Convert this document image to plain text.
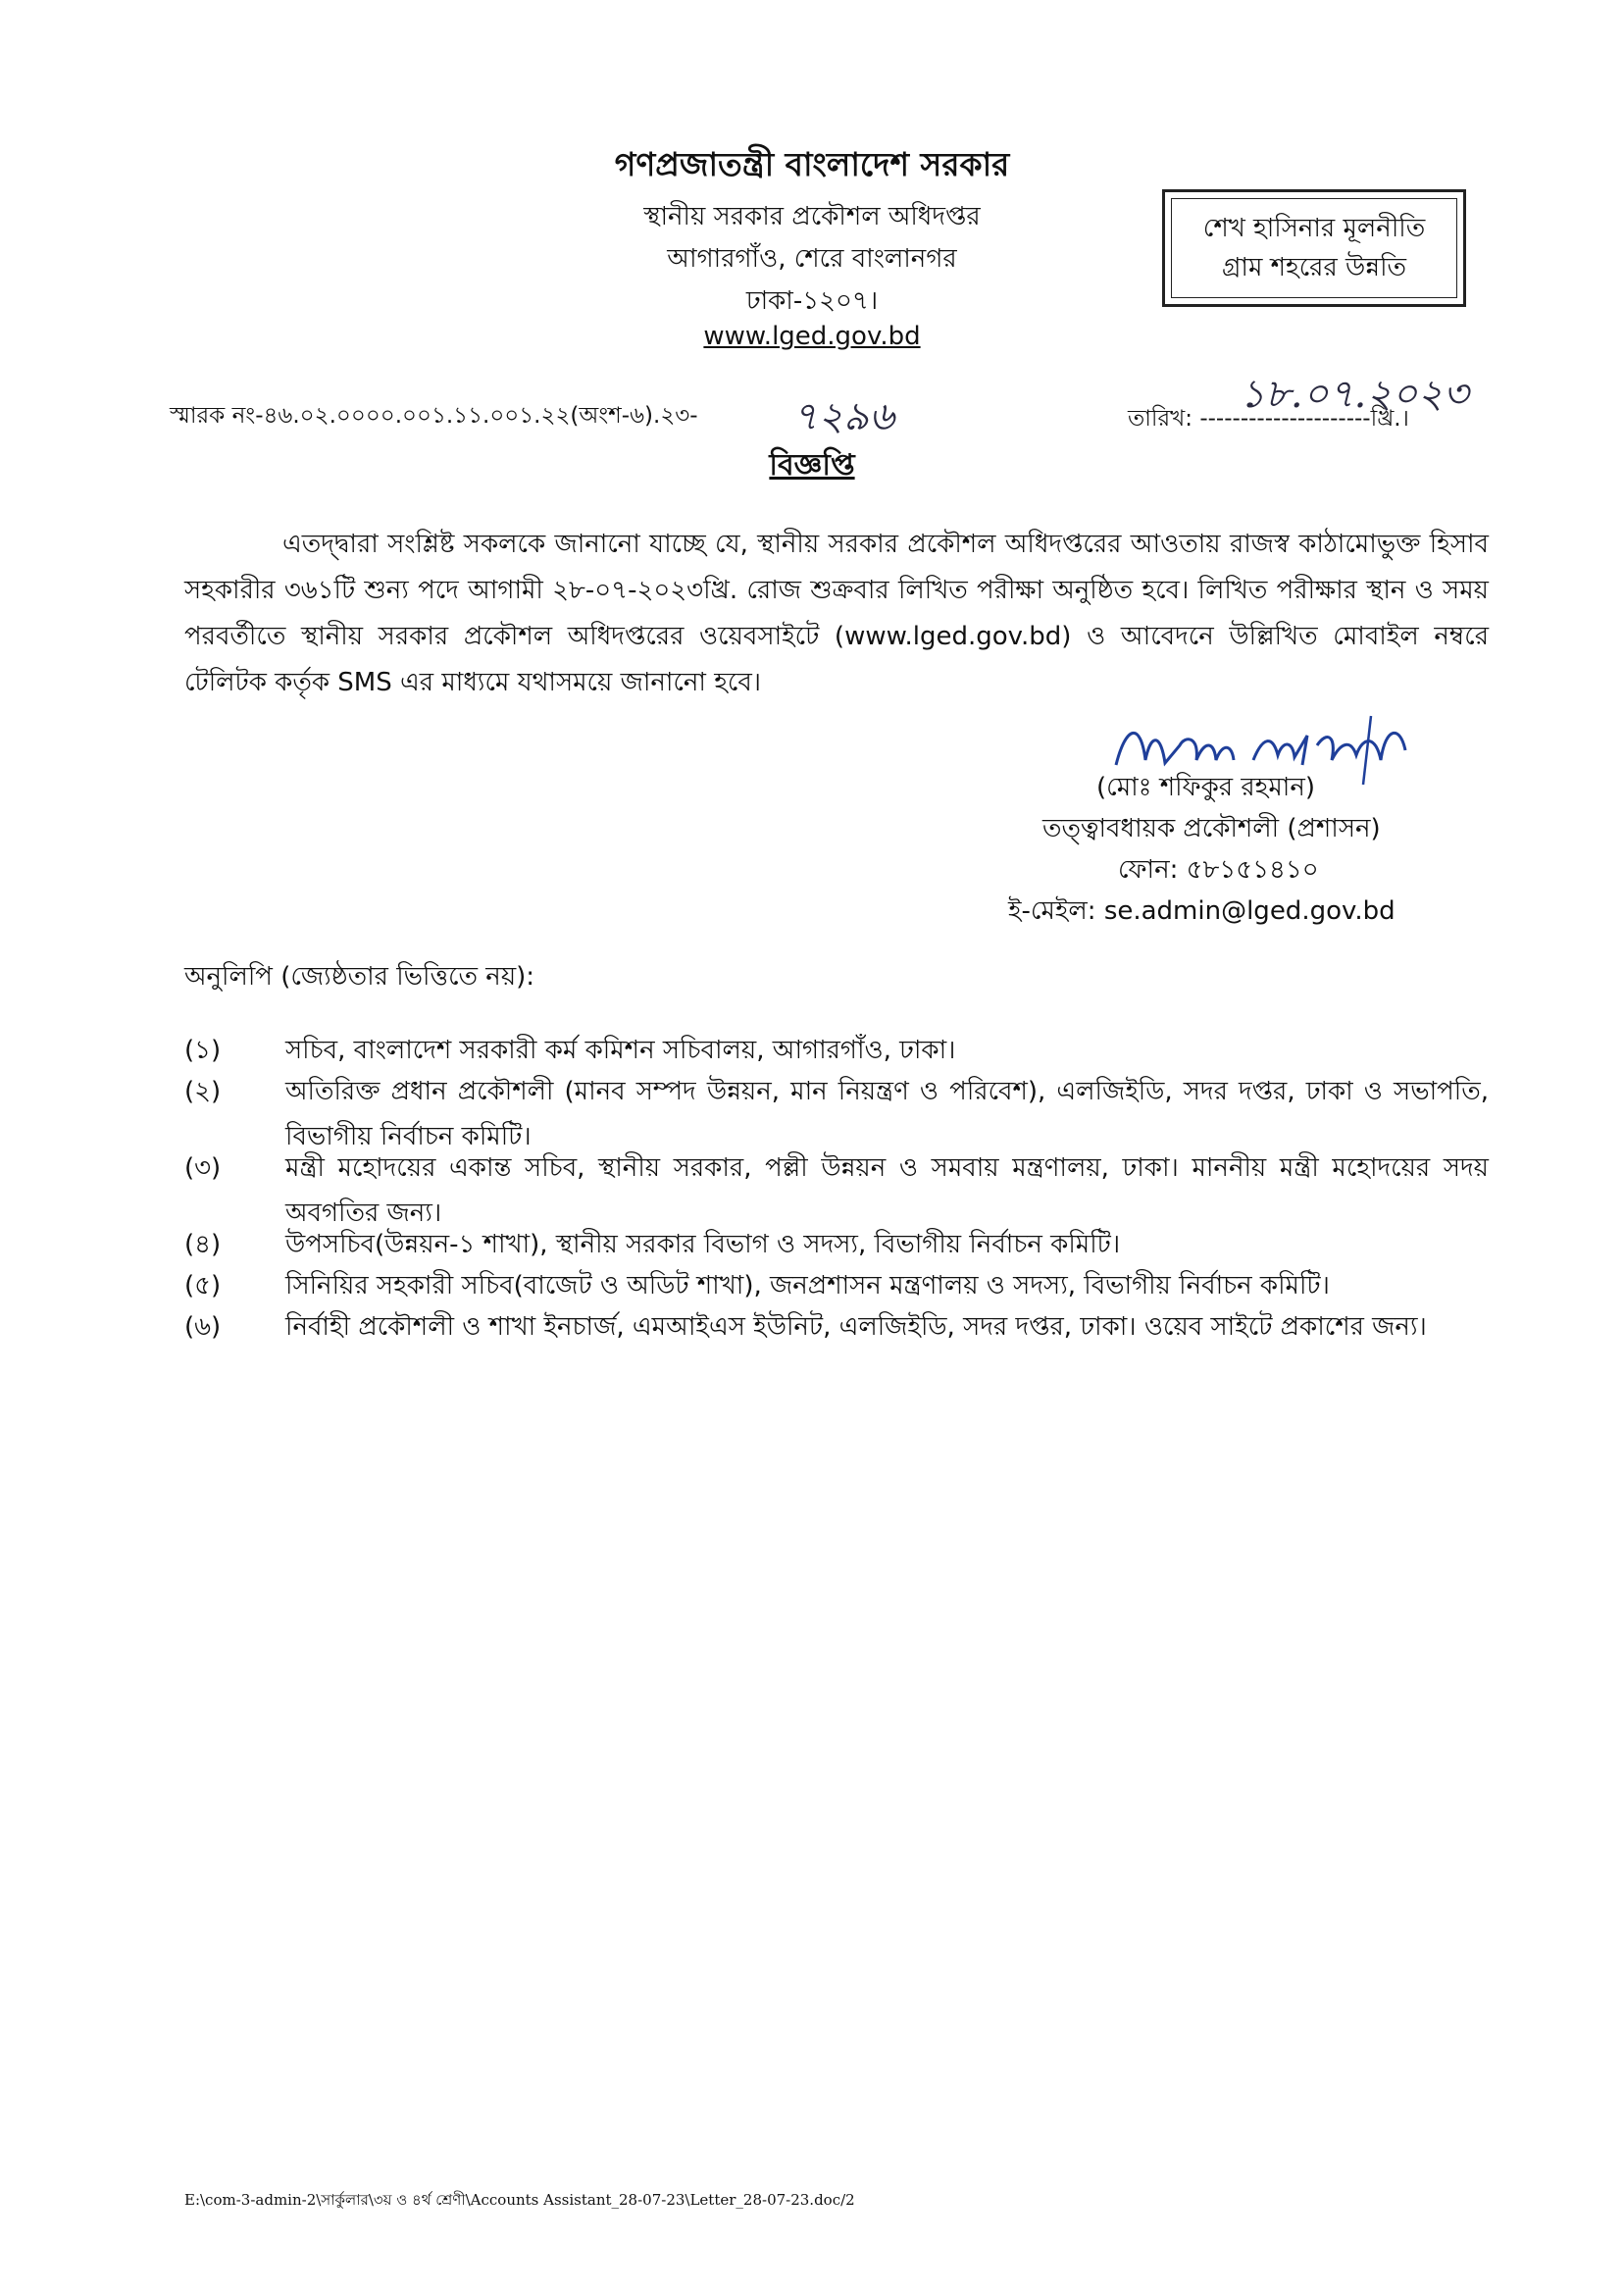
গণপ্রজাতন্ত্রী বাংলাদেশ সরকার
স্থানীয় সরকার প্রকৌশল অধিদপ্তর
আগারগাঁও, শেরে বাংলানগর
ঢাকা-১২০৭।
www.lged.gov.bd
শেখ হাসিনার মূলনীতি
গ্রাম শহরের উন্নতি
স্মারক নং-৪৬.০২.০০০০.০০১.১১.০০১.২২(অংশ-৬).২৩- ৭২৯৬	১৮.০৭.২০২৩
তারিখ: ---------------------খ্রি.।
বিজ্ঞপ্তি
এতদ্দ্বারা সংশ্লিষ্ট সকলকে জানানো যাচ্ছে যে, স্থানীয় সরকার প্রকৌশল অধিদপ্তরের আওতায় রাজস্ব কাঠামোভুক্ত হিসাব সহকারীর ৩৬১টি শুন্য পদে আগামী ২৮-০৭-২০২৩খ্রি. রোজ শুক্রবার লিখিত পরীক্ষা অনুষ্ঠিত হবে। লিখিত পরীক্ষার স্থান ও সময় পরবর্তীতে স্থানীয় সরকার প্রকৌশল অধিদপ্তরের ওয়েবসাইটে (www.lged.gov.bd) ও আবেদনে উল্লিখিত মোবাইল নম্বরে টেলিটক কর্তৃক SMS এর মাধ্যমে যথাসময়ে জানানো হবে।
(মোঃ শফিকুর রহমান)
তত্ত্বাবধায়ক প্রকৌশলী (প্রশাসন)
ফোন: ৫৮১৫১৪১০
ই-মেইল: se.admin@lged.gov.bd
অনুলিপি (জ্যেষ্ঠতার ভিত্তিতে নয়):
(১)	সচিব, বাংলাদেশ সরকারী কর্ম কমিশন সচিবালয়, আগারগাঁও, ঢাকা।
(২)	অতিরিক্ত প্রধান প্রকৌশলী (মানব সম্পদ উন্নয়ন, মান নিয়ন্ত্রণ ও পরিবেশ), এলজিইডি, সদর দপ্তর, ঢাকা ও সভাপতি, বিভাগীয় নির্বাচন কমিটি।
(৩)	মন্ত্রী মহোদয়ের একান্ত সচিব, স্থানীয় সরকার, পল্লী উন্নয়ন ও সমবায় মন্ত্রণালয়, ঢাকা। মাননীয় মন্ত্রী মহোদয়ের সদয় অবগতির জন্য।
(৪)	উপসচিব(উন্নয়ন-১ শাখা), স্থানীয় সরকার বিভাগ ও সদস্য, বিভাগীয় নির্বাচন কমিটি।
(৫)	সিনিয়ির সহকারী সচিব(বাজেট ও অডিট শাখা), জনপ্রশাসন মন্ত্রণালয় ও সদস্য, বিভাগীয় নির্বাচন কমিটি।
(৬)	নির্বাহী প্রকৌশলী ও শাখা ইনচার্জ, এমআইএস ইউনিট, এলজিইডি, সদর দপ্তর, ঢাকা। ওয়েব সাইটে প্রকাশের জন্য।
E:\com-3-admin-2\সার্কুলার\৩য় ও ৪র্থ শ্রেণী\Accounts Assistant_28-07-23\Letter_28-07-23.doc/2
